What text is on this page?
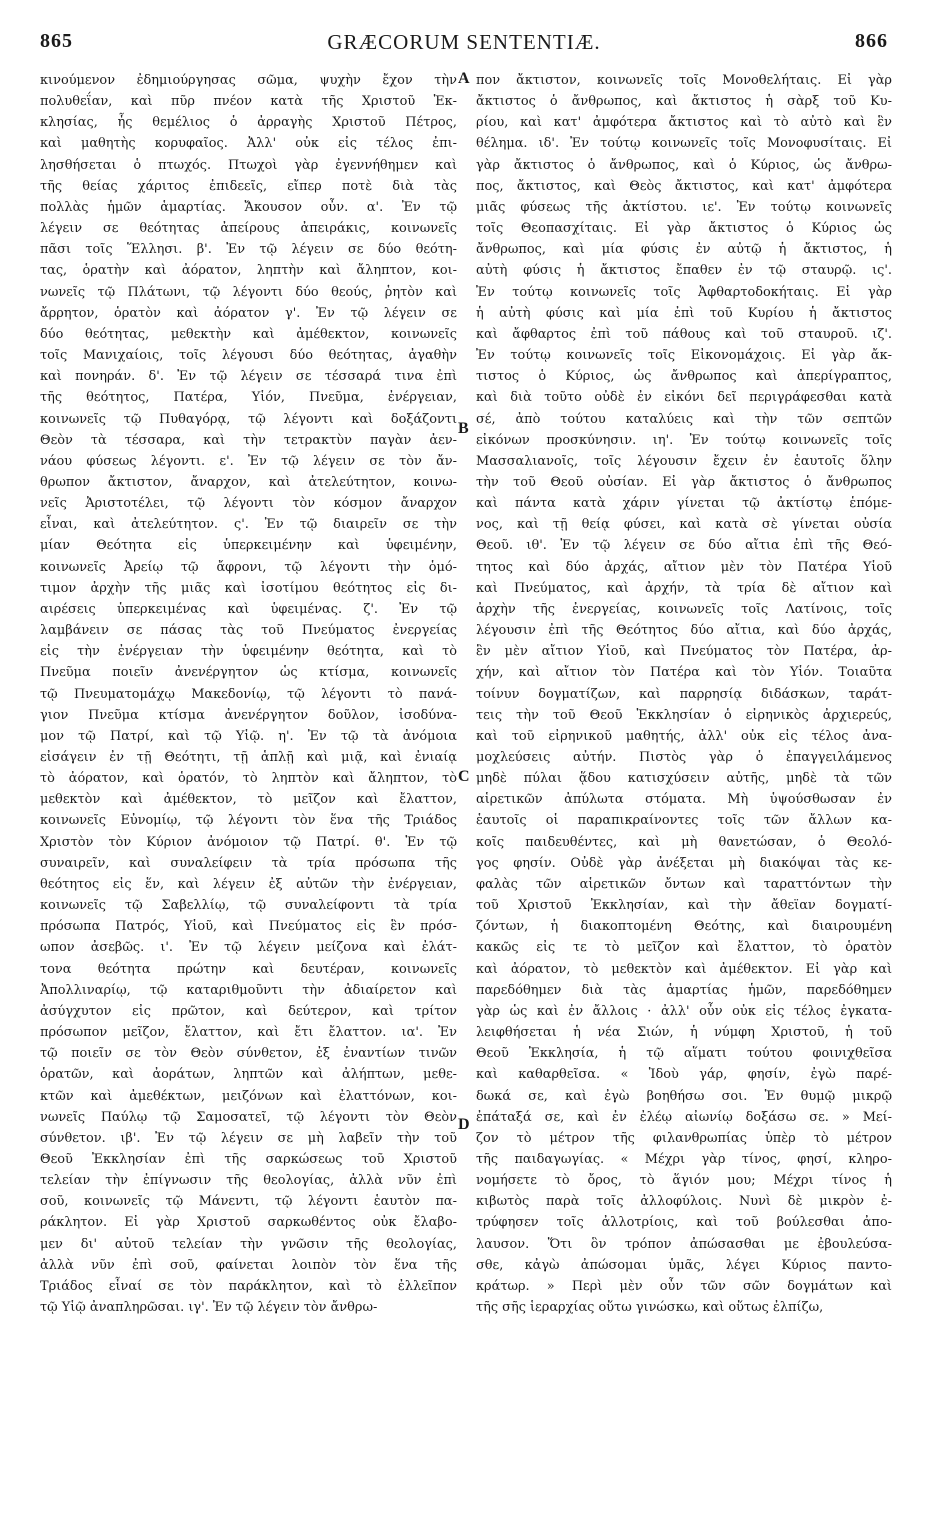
865	GRÆCORUM SENTENTIÆ.	866
κινούμενον ἐδημιούργησας σῶμα, ψυχὴν ἔχον τὴν
πολυθεΐαν, καὶ πῦρ πνέον κατὰ τῆς Χριστοῦ Ἐκ-
κλησίας, ἧς θεμέλιος ὁ ἀρραγὴς Χριστοῦ Πέτρος,
καὶ μαθητὴς κορυφαῖος. Ἀλλ' οὐκ εἰς τέλος ἐπι-
λησθήσεται ὁ πτωχός. Πτωχοὶ γὰρ ἐγεννήθημεν καὶ
τῆς θείας χάριτος ἐπιδεεῖς, εἴπερ ποτὲ διὰ τὰς
πολλὰς ἡμῶν ἁμαρτίας. Ἄκουσον οὖν. α'. Ἐν τῷ
λέγειν σε θεότητας ἀπείρους ἀπειράκις, κοινωνεῖς
πᾶσι τοῖς Ἕλλησι. β'. Ἐν τῷ λέγειν σε δύο θεότη-
τας, ὁρατὴν καὶ ἀόρατον, ληπτὴν καὶ ἄληπτον, κοι-
νωνεῖς τῷ Πλάτωνι, τῷ λέγοντι δύο θεούς, ῥητὸν καὶ
ἄρρητον, ὁρατὸν καὶ ἀόρατον γ'. Ἐν τῷ λέγειν σε
δύο θεότητας, μεθεκτὴν καὶ ἀμέθεκτον, κοινωνεῖς
τοῖς Μανιχαίοις, τοῖς λέγουσι δύο θεότητας, ἀγαθὴν
καὶ πονηράν. δ'. Ἐν τῷ λέγειν σε τέσσαρά τινα ἐπὶ
τῆς θεότητος, Πατέρα, Υἱόν, Πνεῦμα, ἐνέργειαν,
κοινωνεῖς τῷ Πυθαγόρᾳ, τῷ λέγοντι καὶ δοξάζοντι
Θεὸν τὰ τέσσαρα, καὶ τὴν τετρακτὺν παγὰν ἀεν-
νάου φύσεως λέγοντι. ε'. Ἐν τῷ λέγειν σε τὸν ἄν-
θρωπον ἄκτιστον, ἄναρχον, καὶ ἀτελεύτητον, κοινω-
νεῖς Ἀριστοτέλει, τῷ λέγοντι τὸν κόσμον ἄναρχον
εἶναι, καὶ ἀτελεύτητον. ς'. Ἐν τῷ διαιρεῖν σε τὴν
μίαν Θεότητα εἰς ὑπερκειμένην καὶ ὑφειμένην,
κοινωνεῖς Ἀρείῳ τῷ ἄφρονι, τῷ λέγοντι τὴν ὁμό-
τιμον ἀρχὴν τῆς μιᾶς καὶ ἰσοτίμου θεότητος εἰς δι-
αιρέσεις ὑπερκειμένας καὶ ὑφειμένας. ζ'. Ἐν τῷ
λαμβάνειν σε πάσας τὰς τοῦ Πνεύματος ἐνεργείας
εἰς τὴν ἐνέργειαν τὴν ὑφειμένην θεότητα, καὶ τὸ
Πνεῦμα ποιεῖν ἀνενέργητον ὡς κτίσμα, κοινωνεῖς
τῷ Πνευματομάχῳ Μακεδονίῳ, τῷ λέγοντι τὸ πανά-
γιον Πνεῦμα κτίσμα ἀνενέργητον δοῦλον, ἰσοδύνα-
μον τῷ Πατρί, καὶ τῷ Υἱῷ. η'. Ἐν τῷ τὰ ἀνόμοια
εἰσάγειν ἐν τῇ Θεότητι, τῇ ἁπλῇ καὶ μιᾷ, καὶ ἐνιαίᾳ
τὸ ἀόρατον, καὶ ὁρατόν, τὸ ληπτὸν καὶ ἄληπτον, τὸ
μεθεκτὸν καὶ ἀμέθεκτον, τὸ μεῖζον καὶ ἔλαττον,
κοινωνεῖς Εὐνομίῳ, τῷ λέγοντι τὸν ἕνα τῆς Τριάδος
Χριστὸν τὸν Κύριον ἀνόμοιον τῷ Πατρί. θ'. Ἐν τῷ
συναιρεῖν, καὶ συναλείφειν τὰ τρία πρόσωπα τῆς
θεότητος εἰς ἕν, καὶ λέγειν ἐξ αὐτῶν τὴν ἐνέργειαν,
κοινωνεῖς τῷ Σαβελλίῳ, τῷ συναλείφοντι τὰ τρία
πρόσωπα Πατρός, Υἱοῦ, καὶ Πνεύματος εἰς ἓν πρόσ-
ωπον ἀσεβῶς. ι'. Ἐν τῷ λέγειν μείζονα καὶ ἐλάτ-
τονα θεότητα πρώτην καὶ δευτέραν, κοινωνεῖς
Ἀπολλιναρίῳ, τῷ καταριθμοῦντι τὴν ἀδιαίρετον καὶ
ἀσύγχυτον εἰς πρῶτον, καὶ δεύτερον, καὶ τρίτον
πρόσωπον μεῖζον, ἔλαττον, καὶ ἔτι ἔλαττον. ια'. Ἐν
τῷ ποιεῖν σε τὸν Θεὸν σύνθετον, ἐξ ἐναντίων τινῶν
ὁρατῶν, καὶ ἀοράτων, ληπτῶν καὶ ἀλήπτων, μεθε-
κτῶν καὶ ἀμεθέκτων, μειζόνων καὶ ἐλαττόνων, κοι-
νωνεῖς Παύλῳ τῷ Σαμοσατεῖ, τῷ λέγοντι τὸν Θεὸν
σύνθετον. ιβ'. Ἐν τῷ λέγειν σε μὴ λαβεῖν τὴν τοῦ
Θεοῦ Ἐκκλησίαν ἐπὶ τῆς σαρκώσεως τοῦ Χριστοῦ
τελείαν τὴν ἐπίγνωσιν τῆς θεολογίας, ἀλλὰ νῦν ἐπὶ
σοῦ, κοινωνεῖς τῷ Μάνεντι, τῷ λέγοντι ἑαυτὸν πα-
ράκλητον. Εἰ γὰρ Χριστοῦ σαρκωθέντος οὐκ ἔλαβο-
μεν δι' αὐτοῦ τελείαν τὴν γνῶσιν τῆς θεολογίας,
ἀλλὰ νῦν ἐπὶ σοῦ, φαίνεται λοιπὸν τὸν ἕνα τῆς
Τριάδος εἶναί σε τὸν παράκλητον, καὶ τὸ ἐλλεῖπον
τῷ Υἱῷ ἀναπληρῶσαι. ιγ'. Ἐν τῷ λέγειν τὸν ἄνθρω-
A
B
C
D
πον ἄκτιστον, κοινωνεῖς τοῖς Μονοθελήταις. Εἰ γὰρ
ἄκτιστος ὁ ἄνθρωπος, καὶ ἄκτιστος ἡ σὰρξ τοῦ Κυ-
ρίου, καὶ κατ' ἀμφότερα ἄκτιστος καὶ τὸ αὐτὸ καὶ ἓν
θέλημα. ιδ'. Ἐν τούτῳ κοινωνεῖς τοῖς Μονοφυσίταις. Εἰ
γὰρ ἄκτιστος ὁ ἄνθρωπος, καὶ ὁ Κύριος, ὡς ἄνθρω-
πος, ἄκτιστος, καὶ Θεὸς ἄκτιστος, καὶ κατ' ἀμφότερα
μιᾶς φύσεως τῆς ἀκτίστου. ιε'. Ἐν τούτῳ κοινωνεῖς
τοῖς Θεοπασχίταις. Εἰ γὰρ ἄκτιστος ὁ Κύριος ὡς
ἄνθρωπος, καὶ μία φύσις ἐν αὐτῷ ἡ ἄκτιστος, ἡ
αὐτὴ φύσις ἡ ἄκτιστος ἔπαθεν ἐν τῷ σταυρῷ. ις'.
Ἐν τούτῳ κοινωνεῖς τοῖς Ἀφθαρτοδοκήταις. Εἰ γὰρ
ἡ αὐτὴ φύσις καὶ μία ἐπὶ τοῦ Κυρίου ἡ ἄκτιστος
καὶ ἄφθαρτος ἐπὶ τοῦ πάθους καὶ τοῦ σταυροῦ. ιζ'.
Ἐν τούτῳ κοινωνεῖς τοῖς Εἰκονομάχοις. Εἰ γὰρ ἄκ-
τιστος ὁ Κύριος, ὡς ἄνθρωπος καὶ ἀπερίγραπτος,
καὶ διὰ τοῦτο οὐδὲ ἐν εἰκόνι δεῖ περιγράφεσθαι κατὰ
σέ, ἀπὸ τούτου καταλύεις καὶ τὴν τῶν σεπτῶν
εἰκόνων προσκύνησιν. ιη'. Ἐν τούτῳ κοινωνεῖς τοῖς
Μασσαλιανοῖς, τοῖς λέγουσιν ἔχειν ἐν ἑαυτοῖς ὅλην
τὴν τοῦ Θεοῦ οὐσίαν. Εἰ γὰρ ἄκτιστος ὁ ἄνθρωπος
καὶ πάντα κατὰ χάριν γίνεται τῷ ἀκτίστῳ ἑπόμε-
νος, καὶ τῇ θείᾳ φύσει, καὶ κατὰ σὲ γίνεται οὐσία
Θεοῦ. ιθ'. Ἐν τῷ λέγειν σε δύο αἴτια ἐπὶ τῆς Θεό-
τητος καὶ δύο ἀρχάς, αἴτιον μὲν τὸν Πατέρα Υἱοῦ
καὶ Πνεύματος, καὶ ἀρχήν, τὰ τρία δὲ αἴτιον καὶ
ἀρχὴν τῆς ἐνεργείας, κοινωνεῖς τοῖς Λατίνοις, τοῖς
λέγουσιν ἐπὶ τῆς Θεότητος δύο αἴτια, καὶ δύο ἀρχάς,
ἓν μὲν αἴτιον Υἱοῦ, καὶ Πνεύματος τὸν Πατέρα, ἀρ-
χήν, καὶ αἴτιον τὸν Πατέρα καὶ τὸν Υἱόν. Τοιαῦτα
τοίνυν δογματίζων, καὶ παρρησίᾳ διδάσκων, ταράτ-
τεις τὴν τοῦ Θεοῦ Ἐκκλησίαν ὁ εἰρηνικὸς ἀρχιερεύς,
καὶ τοῦ εἰρηνικοῦ μαθητής, ἀλλ' οὐκ εἰς τέλος ἀνα-
μοχλεύσεις αὐτήν. Πιστὸς γὰρ ὁ ἐπαγγειλάμενος
μηδὲ πύλαι ᾅδου κατισχύσειν αὐτῆς, μηδὲ τὰ τῶν
αἱρετικῶν ἀπύλωτα στόματα. Μὴ ὑψούσθωσαν ἐν
ἑαυτοῖς οἱ παραπικραίνοντες τοῖς τῶν ἄλλων κα-
κοῖς παιδευθέντες, καὶ μὴ θανετώσαν, ὁ Θεολό-
γος φησίν. Οὐδὲ γὰρ ἀνέξεται μὴ διακόψαι τὰς κε-
φαλὰς τῶν αἱρετικῶν ὄντων καὶ ταραττόντων τὴν
τοῦ Χριστοῦ Ἐκκλησίαν, καὶ τὴν ἄθεϊαν δογματί-
ζόντων, ἡ διακοπτομένη Θεότης, καὶ διαιρουμένη
κακῶς εἰς τε τὸ μεῖζον καὶ ἔλαττον, τὸ ὁρατὸν
καὶ ἀόρατον, τὸ μεθεκτὸν καὶ ἀμέθεκτον. Εἰ γὰρ καὶ
παρεδόθημεν διὰ τὰς ἁμαρτίας ἡμῶν, παρεδόθημεν
γὰρ ὡς καὶ ἐν ἄλλοις · ἀλλ' οὖν οὐκ εἰς τέλος ἐγκατα-
λειφθήσεται ἡ νέα Σιών, ἡ νύμφη Χριστοῦ, ἡ τοῦ
Θεοῦ Ἐκκλησία, ἡ τῷ αἵματι τούτου φοινιχθεῖσα
καὶ καθαρθεῖσα. « Ἰδοὺ γάρ, φησίν, ἐγὼ παρέ-
δωκά σε, καὶ ἐγὼ βοηθήσω σοι. Ἐν θυμῷ μικρῷ
ἐπάταξά σε, καὶ ἐν ἐλέῳ αἰωνίῳ δοξάσω σε. » Μεί-
ζον τὸ μέτρον τῆς φιλανθρωπίας ὑπὲρ τὸ μέτρον
τῆς παιδαγωγίας. « Μέχρι γὰρ τίνος, φησί, κληρο-
νομήσετε τὸ ὄρος, τὸ ἅγιόν μου; Μέχρι τίνος ἡ
κιβωτὸς παρὰ τοῖς ἀλλοφύλοις. Νυνὶ δὲ μικρὸν ἐ-
τρύφησεν τοῖς ἀλλοτρίοις, καὶ τοῦ βούλεσθαι ἀπο-
λαυσον. Ὅτι ὃν τρόπον ἀπώσασθαι με ἐβουλεύσα-
σθε, κἀγὼ ἀπώσομαι ὑμᾶς, λέγει Κύριος παντο-
κράτωρ. » Περὶ μὲν οὖν τῶν σῶν δογμάτων καὶ
τῆς σῆς ἱεραρχίας οὕτω γινώσκω, καὶ οὕτως ἐλπίζω,
